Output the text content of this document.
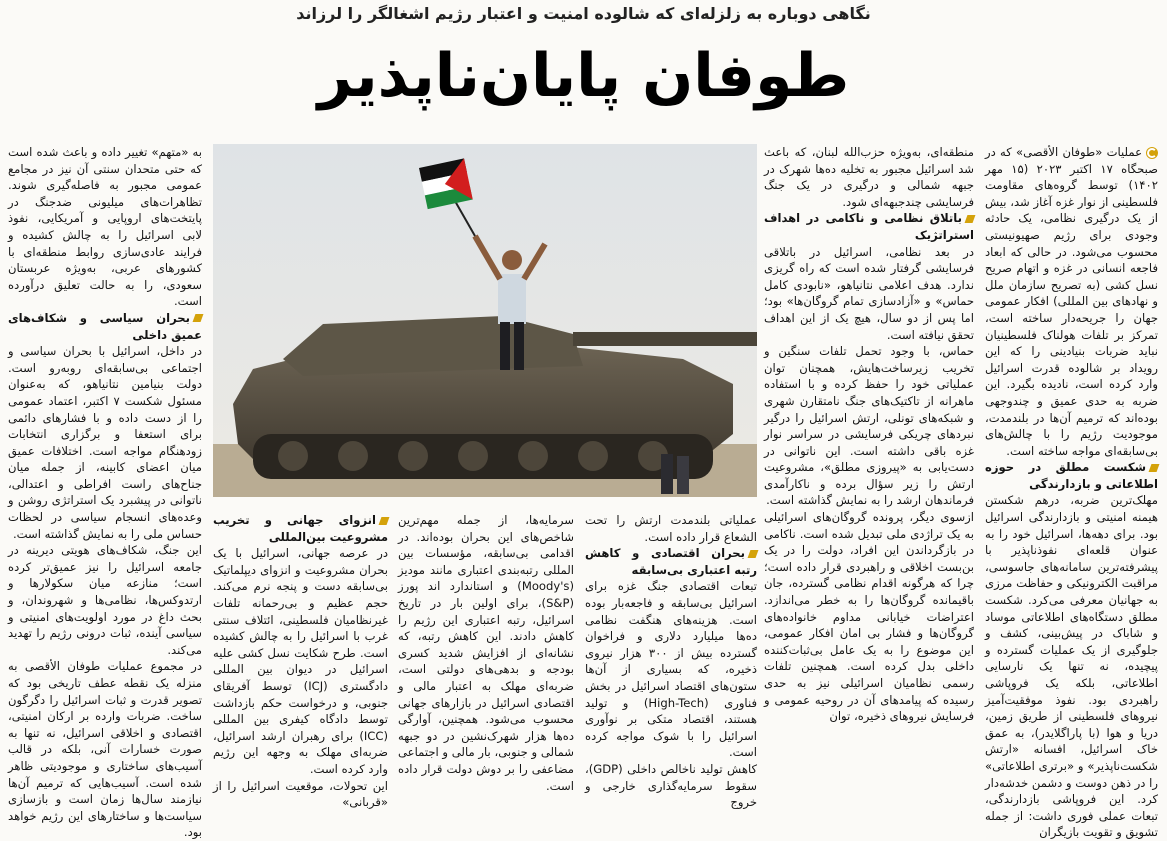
نگاهی دوباره به زلزله‌ای که شالوده امنیت و اعتبار رژیم اشغالگر را لرزاند
طوفان پایان‌ناپذیر

عملیات «طوفان الأقصی» که در صبحگاه ۱۷ اکتبر ۲۰۲۳ (۱۵ مهر ۱۴۰۲) توسط گروه‌های مقاومت فلسطینی از نوار غزه آغاز شد، بیش از یک درگیری نظامی، یک حادثه وجودی برای رژیم صهیونیستی محسوب می‌شود. در حالی که ابعاد فاجعه انسانی در غزه و اتهام صریح نسل کشی (به تصریح سازمان ملل و نهادهای بین المللی) افکار عمومی جهان را جریحه‌دار ساخته است، تمرکز بر تلفات هولناک فلسطینیان نباید ضربات بنیادینی را که این رویداد بر شالوده قدرت اسرائیل وارد کرده است، نادیده بگیرد. این ضربه به حدی عمیق و چندوجهی بوده‌اند که ترمیم آن‌ها در بلندمدت، موجودیت رژیم را با چالش‌های بی‌سابقه‌ای مواجه ساخته است.

شکست مطلق در حوزه اطلاعاتی و بازدارندگی

مهلک‌ترین ضربه، درهم شکستن هیمنه امنیتی و بازدارندگی اسرائیل بود. برای دهه‌ها، اسرائیل خود را به عنوان قلعه‌ای نفوذناپذیر با پیشرفته‌ترین سامانه‌های جاسوسی، مراقبت الکترونیکی و حفاظت مرزی به جهانیان معرفی می‌کرد. شکست مطلق دستگاه‌های اطلاعاتی موساد و شاباک در پیش‌بینی، کشف و جلوگیری از یک عملیات گسترده و پیچیده، نه تنها یک نارسایی اطلاعاتی، بلکه یک فروپاشی راهبردی بود. نفوذ موفقیت‌آمیز نیروهای فلسطینی از طریق زمین، دریا و هوا (با پاراگلایدر)، به عمق خاک اسرائیل، افسانه «ارتش شکست‌ناپذیر» و «برتری اطلاعاتی» را در ذهن دوست و دشمن خدشه‌دار کرد. این فروپاشی بازدارندگی، تبعات عملی فوری داشت: از جمله تشویق و تقویت بازیگران

منطقه‌ای، به‌ویژه حزب‌الله لبنان، که باعث شد اسرائیل مجبور به تخلیه ده‌ها شهرک در جبهه شمالی و درگیری در یک جنگ فرسایشی چندجبهه‌ای شود.

باتلاق نظامی و ناکامی در اهداف استراتژیک

در بعد نظامی، اسرائیل در باتلاقی فرسایشی گرفتار شده است که راه گریزی ندارد. هدف اعلامی نتانیاهو، «نابودی کامل حماس» و «آزادسازی تمام گروگان‌ها» بود؛ اما پس از دو سال، هیچ یک از این اهداف تحقق نیافته است.

حماس، با وجود تحمل تلفات سنگین و تخریب زیرساخت‌هایش، همچنان توان عملیاتی خود را حفظ کرده و با استفاده ماهرانه از تاکتیک‌های جنگ نامتقارن شهری و شبکه‌های تونلی، ارتش اسرائیل را درگیر نبردهای چریکی فرسایشی در سراسر نوار غزه باقی داشته است. این ناتوانی در دست‌یابی به «پیروزی مطلق»، مشروعیت ارتش را زیر سؤال برده و ناکارآمدی فرماندهان ارشد را به نمایش گذاشته است.

ازسوی دیگر، پرونده گروگان‌های اسرائیلی به یک تراژدی ملی تبدیل شده است. ناکامی در بازگرداندن این افراد، دولت را در یک بن‌بست اخلاقی و راهبردی قرار داده است؛ چرا که هرگونه اقدام نظامی گسترده، جان باقیمانده گروگان‌ها را به خطر می‌اندازد. اعتراضات خیابانی مداوم خانواده‌های گروگان‌ها و فشار بی امان افکار عمومی، این موضوع را به یک عامل بی‌ثبات‌کننده داخلی بدل کرده است. همچنین تلفات رسمی نظامیان اسرائیلی نیز به حدی رسیده که پیامدهای آن در روحیه عمومی و فرسایش نیروهای ذخیره، توان

عملیاتی بلندمدت ارتش را تحت الشعاع قرار داده است.

بحران اقتصادی و کاهش رتبه اعتباری بی‌سابقه

تبعات اقتصادی جنگ غزه برای اسرائیل بی‌سابقه و فاجعه‌بار بوده است. هزینه‌های هنگفت نظامی ده‌ها میلیارد دلاری و فراخوان گسترده بیش از ۳۰۰ هزار نیروی ذخیره، که بسیاری از آن‌ها ستون‌های اقتصاد اسرائیل در بخش فناوری (High-Tech) و تولید هستند، اقتصاد متکی بر نوآوری اسرائیل را با شوک مواجه کرده است.

کاهش تولید ناخالص داخلی (GDP)، سقوط سرمایه‌گذاری خارجی و خروج

سرمایه‌ها، از جمله مهم‌ترین شاخص‌های این بحران بوده‌اند. در اقدامی بی‌سابقه، مؤسسات بین المللی رتبه‌بندی اعتباری مانند مودیز (Moody's) و استاندارد اند پورز (S&P)، برای اولین بار در تاریخ اسرائیل، رتبه اعتباری این رژیم را کاهش دادند. این کاهش رتبه، که نشانه‌ای از افزایش شدید کسری بودجه و بدهی‌های دولتی است، ضربه‌ای مهلک به اعتبار مالی و اقتصادی اسرائیل در بازارهای جهانی محسوب می‌شود. همچنین، آوارگی ده‌ها هزار شهرک‌نشین در دو جبهه شمالی و جنوبی، بار مالی و اجتماعی مضاعفی را بر دوش دولت قرار داده است.

انزوای جهانی و تخریب مشروعیت بین‌المللی

در عرصه جهانی، اسرائیل با یک بحران مشروعیت و انزوای دیپلماتیک بی‌سابقه دست و پنجه نرم می‌کند. حجم عظیم و بی‌رحمانه تلفات غیرنظامیان فلسطینی، ائتلاف سنتی غرب با اسرائیل را به چالش کشیده است. طرح شکایت نسل کشی علیه اسرائیل در دیوان بین المللی دادگستری (ICJ) توسط آفریقای جنوبی، و درخواست حکم بازداشت توسط دادگاه کیفری بین المللی (ICC) برای رهبران ارشد اسرائیل، ضربه‌ای مهلک به وجهه این رژیم وارد کرده است.

این تحولات، موقعیت اسرائیل را از «قربانی»

به «متهم» تغییر داده و باعث شده است که حتی متحدان سنتی آن نیز در مجامع عمومی مجبور به فاصله‌گیری شوند. تظاهرات‌های میلیونی ضدجنگ در پایتخت‌های اروپایی و آمریکایی، نفوذ لابی اسرائیل را به چالش کشیده و فرایند عادی‌سازی روابط منطقه‌ای با کشورهای عربی، به‌ویژه عربستان سعودی، را به حالت تعلیق درآورده است.

بحران سیاسی و شکاف‌های عمیق داخلی

در داخل، اسرائیل با بحران سیاسی و اجتماعی بی‌سابقه‌ای روبه‌رو است. دولت بنیامین نتانیاهو، که به‌عنوان مسئول شکست ۷ اکتبر، اعتماد عمومی را از دست داده و با فشارهای دائمی برای استعفا و برگزاری انتخابات زودهنگام مواجه است. اختلافات عمیق میان اعضای کابینه، از جمله میان جناح‌های راست افراطی و اعتدالی، ناتوانی در پیشبرد یک استراتژی روشن و وعده‌های انسجام سیاسی در لحظات حساس ملی را به نمایش گذاشته است.

این جنگ، شکاف‌های هویتی دیرینه در جامعه اسرائیل را نیز عمیق‌تر کرده است؛ منازعه میان سکولارها و ارتدوکس‌ها، نظامی‌ها و شهروندان، و بحث داغ در مورد اولویت‌های امنیتی و سیاسی آینده، ثبات درونی رژیم را تهدید می‌کند.

در مجموع عملیات طوفان الأقصی به منزله یک نقطه عطف تاریخی بود که تصویر قدرت و ثبات اسرائیل را دگرگون ساخت. ضربات وارده بر ارکان امنیتی، اقتصادی و اخلاقی اسرائیل، نه تنها به صورت خسارات آنی، بلکه در قالب آسیب‌های ساختاری و موجودیتی ظاهر شده است. آسیب‌هایی که ترمیم آن‌ها نیازمند سال‌ها زمان است و بازسازی سیاست‌ها و ساختارهای این رژیم خواهد بود.
